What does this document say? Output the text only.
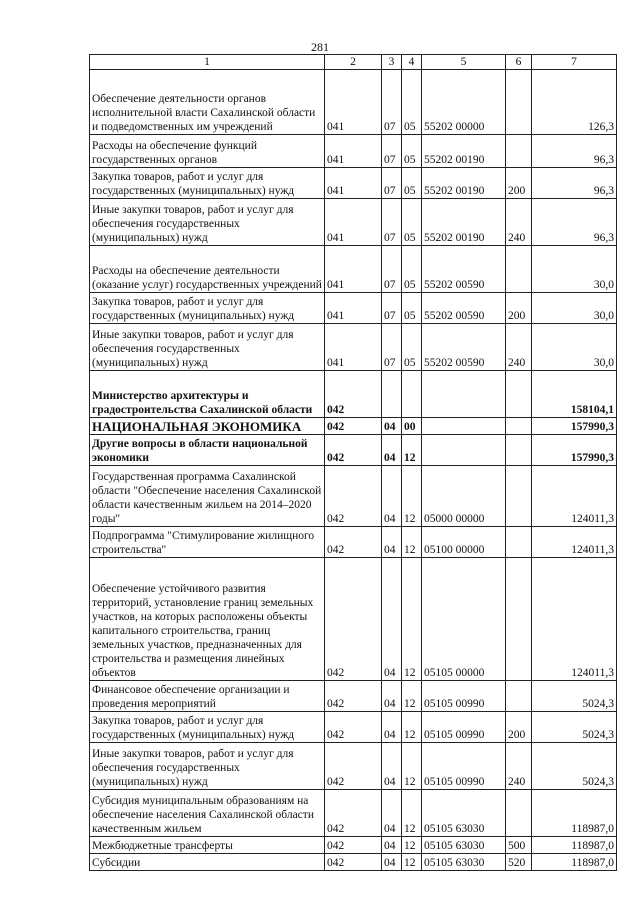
281
1	2	3	4	5	6	7
Обеспечение деятельности органов исполнительной власти Сахалинской области и подведомственных им учреждений	041	07	05	55202 00000		126,3
Расходы на обеспечение функций государственных органов	041	07	05	55202 00190		96,3
Закупка товаров, работ и услуг для государственных (муниципальных) нужд	041	07	05	55202 00190	200	96,3
Иные закупки товаров, работ и услуг для обеспечения государственных (муниципальных) нужд	041	07	05	55202 00190	240	96,3
Расходы на обеспечение деятельности (оказание услуг) государственных учреждений	041	07	05	55202 00590		30,0
Закупка товаров, работ и услуг для государственных (муниципальных) нужд	041	07	05	55202 00590	200	30,0
Иные закупки товаров, работ и услуг для обеспечения государственных (муниципальных) нужд	041	07	05	55202 00590	240	30,0
Министерство архитектуры и градостроительства Сахалинской области	042					158104,1
НАЦИОНАЛЬНАЯ ЭКОНОМИКА	042	04	00			157990,3
Другие вопросы в области национальной экономики	042	04	12			157990,3
Государственная программа Сахалинской области "Обеспечение населения Сахалинской области качественным жильем на 2014–2020 годы"	042	04	12	05000 00000		124011,3
Подпрограмма "Стимулирование жилищного строительства"	042	04	12	05100 00000		124011,3
Обеспечение устойчивого развития территорий, установление границ земельных участков, на которых расположены объекты капитального строительства, границ земельных участков, предназначенных для строительства и размещения линейных объектов	042	04	12	05105 00000		124011,3
Финансовое обеспечение организации и проведения мероприятий	042	04	12	05105 00990		5024,3
Закупка товаров, работ и услуг для государственных (муниципальных) нужд	042	04	12	05105 00990	200	5024,3
Иные закупки товаров, работ и услуг для обеспечения государственных (муниципальных) нужд	042	04	12	05105 00990	240	5024,3
Субсидия муниципальным образованиям на обеспечение населения Сахалинской области качественным жильем	042	04	12	05105 63030		118987,0
Межбюджетные трансферты	042	04	12	05105 63030	500	118987,0
Субсидии	042	04	12	05105 63030	520	118987,0
